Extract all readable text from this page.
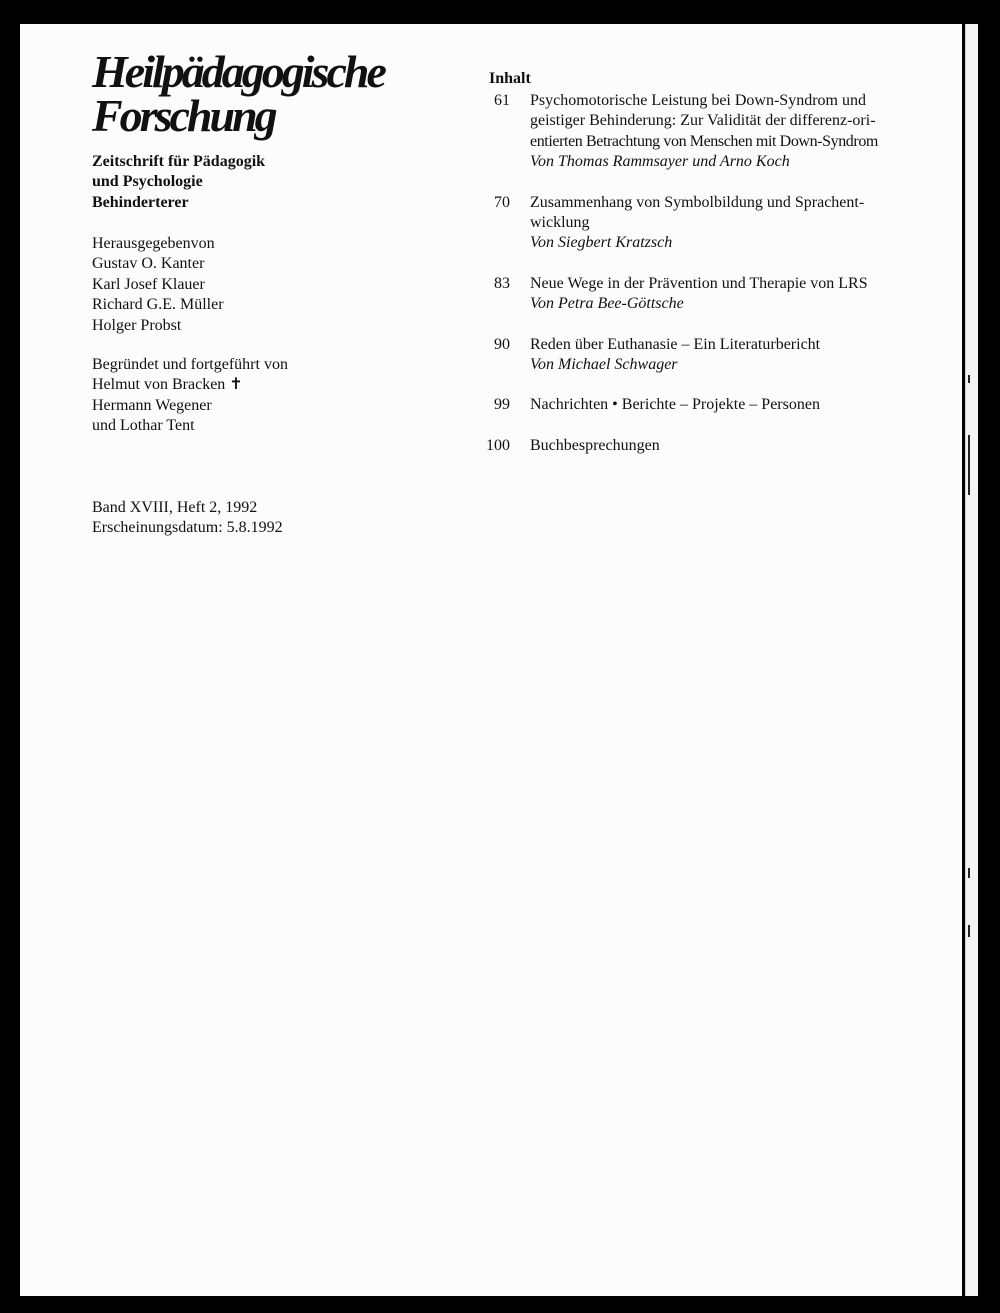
Heilpädagogische
Forschung
Zeitschrift für Pädagogik
und Psychologie
Behinderterer
Herausgegebenvon
Gustav O. Kanter
Karl Josef Klauer
Richard G.E. Müller
Holger Probst
Begründet und fortgeführt von
Helmut von Bracken ✝
Hermann Wegener
und Lothar Tent
Band XVIII, Heft 2, 1992
Erscheinungsdatum: 5.8.1992
Inhalt
61 Psychomotorische Leistung bei Down-Syndrom und
geistiger Behinderung: Zur Validität der differenz-ori-
entierten Betrachtung von Menschen mit Down-Syndrom
Von Thomas Rammsayer und Arno Koch
70 Zusammenhang von Symbolbildung und Sprachent-
wicklung
Von Siegbert Kratzsch
83 Neue Wege in der Prävention und Therapie von LRS
Von Petra Bee-Göttsche
90 Reden über Euthanasie – Ein Literaturbericht
Von Michael Schwager
99 Nachrichten • Berichte – Projekte – Personen
100 Buchbesprechungen
